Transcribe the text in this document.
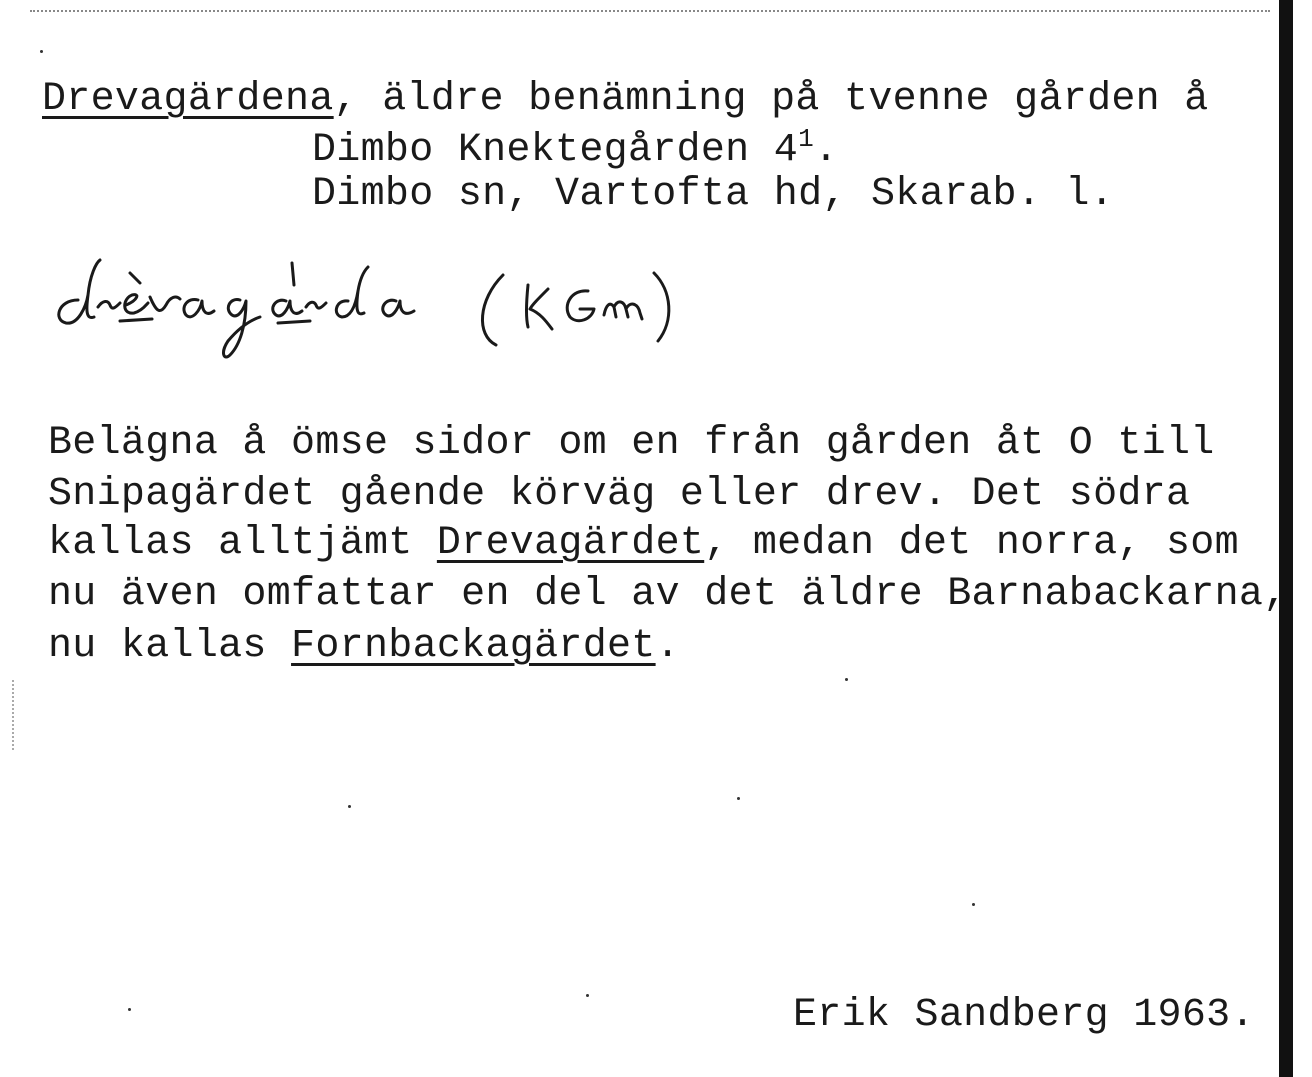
Drevagärdena, äldre benämning på tvenne gården å
Dimbo Knektegården 4$^1$.
Dimbo sn, Vartofta hd, Skarab. l.
Belägna å ömse sidor om en från gården åt O till
Snipagärdet gående körväg eller drev. Det södra
kallas alltjämt Drevagärdet, medan det norra, som
nu även omfattar en del av det äldre Barnabackarna,
nu kallas Fornbackagärdet.
Erik Sandberg 1963.
